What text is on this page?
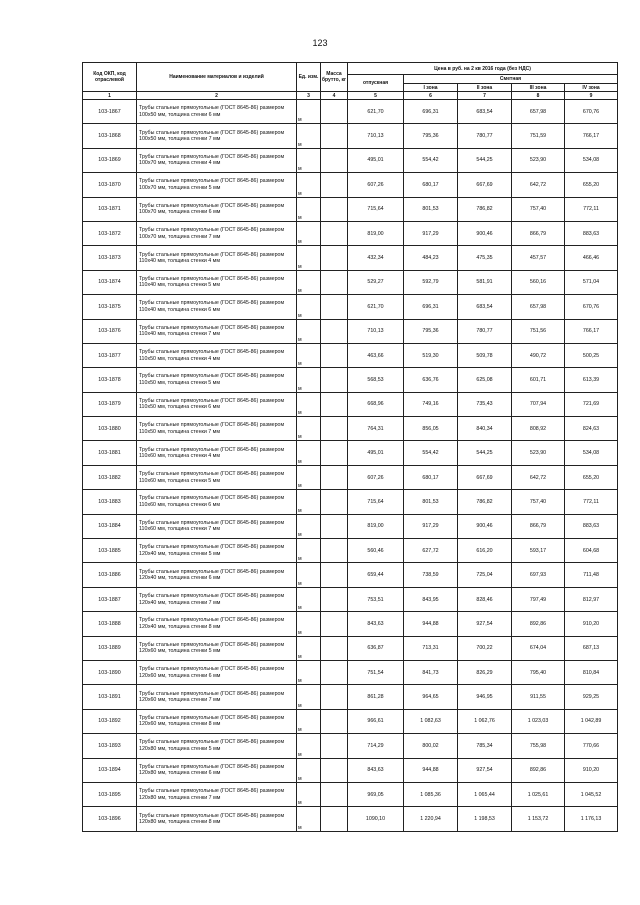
123
Код ОКП, код отраслевой	Наименование материалов и изделий	Ед. изм.	Масса брутто, кг	Цена в руб. на 2 кв 2016 года (без НДС)				
				отпускная	Сметная			
					I зона	II зона	III зона	IV зона
1	2	3	4	5	6	7	8	9
103-1867	Трубы стальные прямоугольные (ГОСТ 8645-86) размером 100х50 мм, толщина стенки 6 мм	м		621,70	696,31	683,54	657,98	670,76
103-1868	Трубы стальные прямоугольные (ГОСТ 8645-86) размером 100х50 мм, толщина стенки 7 мм	м		710,13	795,36	780,77	751,59	766,17
103-1869	Трубы стальные прямоугольные (ГОСТ 8645-86) размером 100х70 мм, толщина стенки 4 мм	м		495,01	554,42	544,25	523,90	534,08
103-1870	Трубы стальные прямоугольные (ГОСТ 8645-86) размером 100х70 мм, толщина стенки 5 мм	м		607,26	680,17	667,69	642,72	655,20
103-1871	Трубы стальные прямоугольные (ГОСТ 8645-86) размером 100х70 мм, толщина стенки 6 мм	м		715,64	801,53	786,82	757,40	772,11
103-1872	Трубы стальные прямоугольные (ГОСТ 8645-86) размером 100х70 мм, толщина стенки 7 мм	м		819,00	917,29	900,46	866,79	883,63
103-1873	Трубы стальные прямоугольные (ГОСТ 8645-86) размером 110х40 мм, толщина стенки 4 мм	м		432,34	484,23	475,35	457,57	466,46
103-1874	Трубы стальные прямоугольные (ГОСТ 8645-86) размером 110х40 мм, толщина стенки 5 мм	м		529,27	592,79	581,91	560,16	571,04
103-1875	Трубы стальные прямоугольные (ГОСТ 8645-86) размером 110х40 мм, толщина стенки 6 мм	м		621,70	696,31	683,54	657,98	670,76
103-1876	Трубы стальные прямоугольные (ГОСТ 8645-86) размером 110х40 мм, толщина стенки 7 мм	м		710,13	795,36	780,77	751,56	766,17
103-1877	Трубы стальные прямоугольные (ГОСТ 8645-86) размером 110х50 мм, толщина стенки 4 мм	м		463,66	519,30	509,78	490,72	500,25
103-1878	Трубы стальные прямоугольные (ГОСТ 8645-86) размером 110х50 мм, толщина стенки 5 мм	м		568,53	636,76	625,08	601,71	613,39
103-1879	Трубы стальные прямоугольные (ГОСТ 8645-86) размером 110х50 мм, толщина стенки 6 мм	м		668,96	749,16	735,43	707,94	721,69
103-1880	Трубы стальные прямоугольные (ГОСТ 8645-86) размером 110х50 мм, толщина стенки 7 мм	м		764,31	856,05	840,34	808,92	824,63
103-1881	Трубы стальные прямоугольные (ГОСТ 8645-86) размером 110х60 мм, толщина стенки 4 мм	м		495,01	554,42	544,25	523,90	534,08
103-1882	Трубы стальные прямоугольные (ГОСТ 8645-86) размером 110х60 мм, толщина стенки 5 мм	м		607,26	680,17	667,69	642,72	655,20
103-1883	Трубы стальные прямоугольные (ГОСТ 8645-86) размером 110х60 мм, толщина стенки 6 мм	м		715,64	801,53	786,82	757,40	772,11
103-1884	Трубы стальные прямоугольные (ГОСТ 8645-86) размером 110х60 мм, толщина стенки 7 мм	м		819,00	917,29	900,46	866,79	883,63
103-1885	Трубы стальные прямоугольные (ГОСТ 8645-86) размером 120х40 мм, толщина стенки 5 мм	м		560,46	627,72	616,20	593,17	604,68
103-1886	Трубы стальные прямоугольные (ГОСТ 8645-86) размером 120х40 мм, толщина стенки 6 мм	м		659,44	738,59	725,04	697,93	711,48
103-1887	Трубы стальные прямоугольные (ГОСТ 8645-86) размером 120х40 мм, толщина стенки 7 мм	м		753,51	843,95	828,46	797,49	812,97
103-1888	Трубы стальные прямоугольные (ГОСТ 8645-86) размером 120х40 мм, толщина стенки 8 мм	м		843,63	944,88	927,54	892,86	910,20
103-1889	Трубы стальные прямоугольные (ГОСТ 8645-86) размером 120х60 мм, толщина стенки 5 мм	м		636,87	713,31	700,22	674,04	687,13
103-1890	Трубы стальные прямоугольные (ГОСТ 8645-86) размером 120х60 мм, толщина стенки 6 мм	м		751,54	841,73	826,29	795,40	810,84
103-1891	Трубы стальные прямоугольные (ГОСТ 8645-86) размером 120х60 мм, толщина стенки 7 мм	м		861,28	964,65	946,95	911,55	929,25
103-1892	Трубы стальные прямоугольные (ГОСТ 8645-86) размером 120х60 мм, толщина стенки 8 мм	м		966,61	1 082,63	1 062,76	1 023,03	1 042,89
103-1893	Трубы стальные прямоугольные (ГОСТ 8645-86) размером 120х80 мм, толщина стенки 5 мм	м		714,29	800,02	785,34	755,98	770,66
103-1894	Трубы стальные прямоугольные (ГОСТ 8645-86) размером 120х80 мм, толщина стенки 6 мм	м		843,63	944,88	927,54	892,86	910,20
103-1895	Трубы стальные прямоугольные (ГОСТ 8645-86) размером 120х80 мм, толщина стенки 7 мм	м		969,05	1 085,36	1 065,44	1 025,61	1 045,52
103-1896	Трубы стальные прямоугольные (ГОСТ 8645-86) размером 120х80 мм, толщина стенки 8 мм	м		1090,10	1 220,94	1 198,53	1 153,72	1 176,13
